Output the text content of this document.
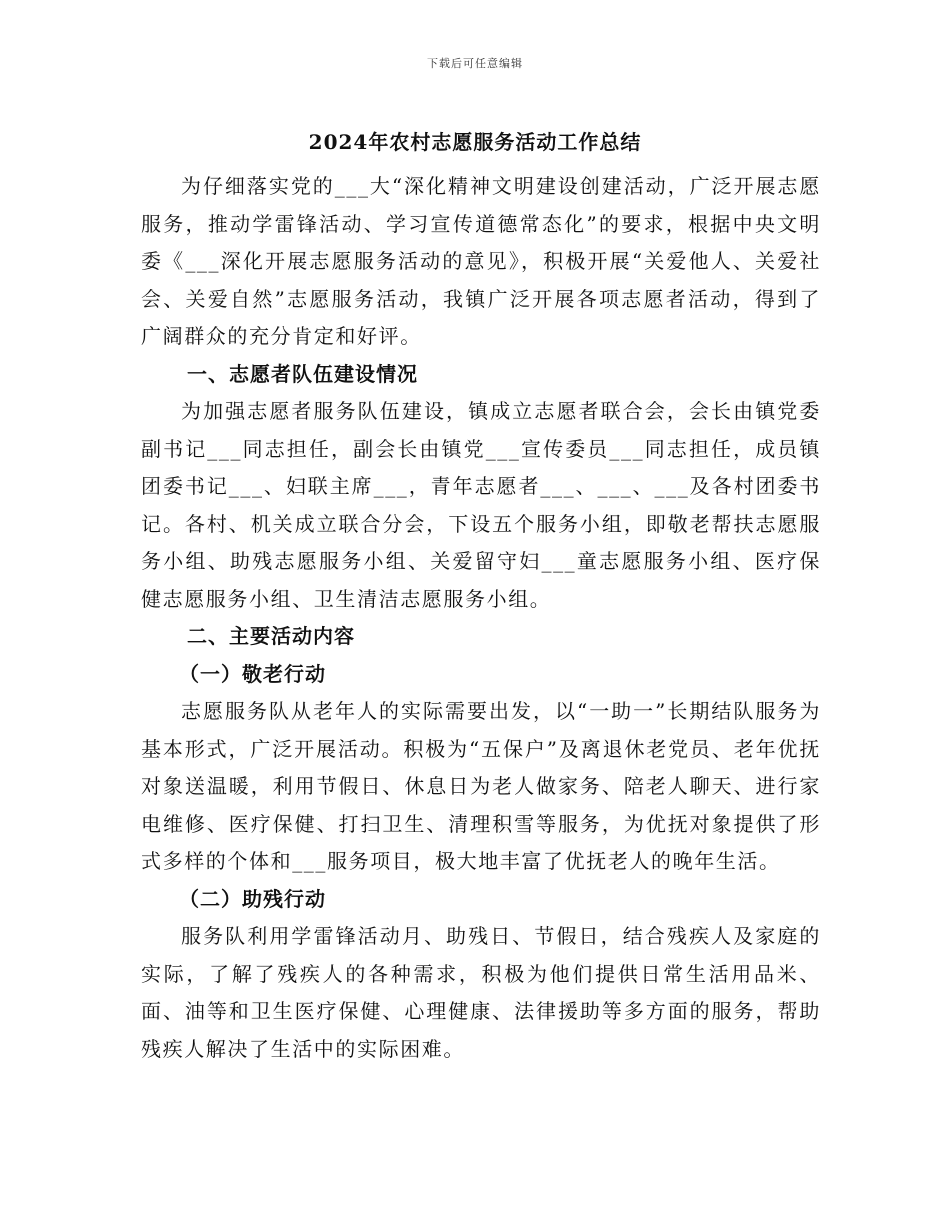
下载后可任意编辑
2024年农村志愿服务活动工作总结

为仔细落实党的___大“深化精神文明建设创建活动，广泛开展志愿服务，推动学雷锋活动、学习宣传道德常态化”的要求，根据中央文明委《___深化开展志愿服务活动的意见》，积极开展“关爱他人、关爱社会、关爱自然”志愿服务活动，我镇广泛开展各项志愿者活动，得到了广阔群众的充分肯定和好评。

一、志愿者队伍建设情况

为加强志愿者服务队伍建设，镇成立志愿者联合会，会长由镇党委副书记___同志担任，副会长由镇党___宣传委员___同志担任，成员镇团委书记___、妇联主席___，青年志愿者___、___、___及各村团委书记。各村、机关成立联合分会，下设五个服务小组，即敬老帮扶志愿服务小组、助残志愿服务小组、关爱留守妇___童志愿服务小组、医疗保健志愿服务小组、卫生清洁志愿服务小组。

二、主要活动内容

（一）敬老行动

志愿服务队从老年人的实际需要出发，以“一助一”长期结队服务为基本形式，广泛开展活动。积极为“五保户”及离退休老党员、老年优抚对象送温暖，利用节假日、休息日为老人做家务、陪老人聊天、进行家电维修、医疗保健、打扫卫生、清理积雪等服务，为优抚对象提供了形式多样的个体和___服务项目，极大地丰富了优抚老人的晚年生活。

（二）助残行动

服务队利用学雷锋活动月、助残日、节假日，结合残疾人及家庭的实际，了解了残疾人的各种需求，积极为他们提供日常生活用品米、面、油等和卫生医疗保健、心理健康、法律援助等多方面的服务，帮助残疾人解决了生活中的实际困难。
